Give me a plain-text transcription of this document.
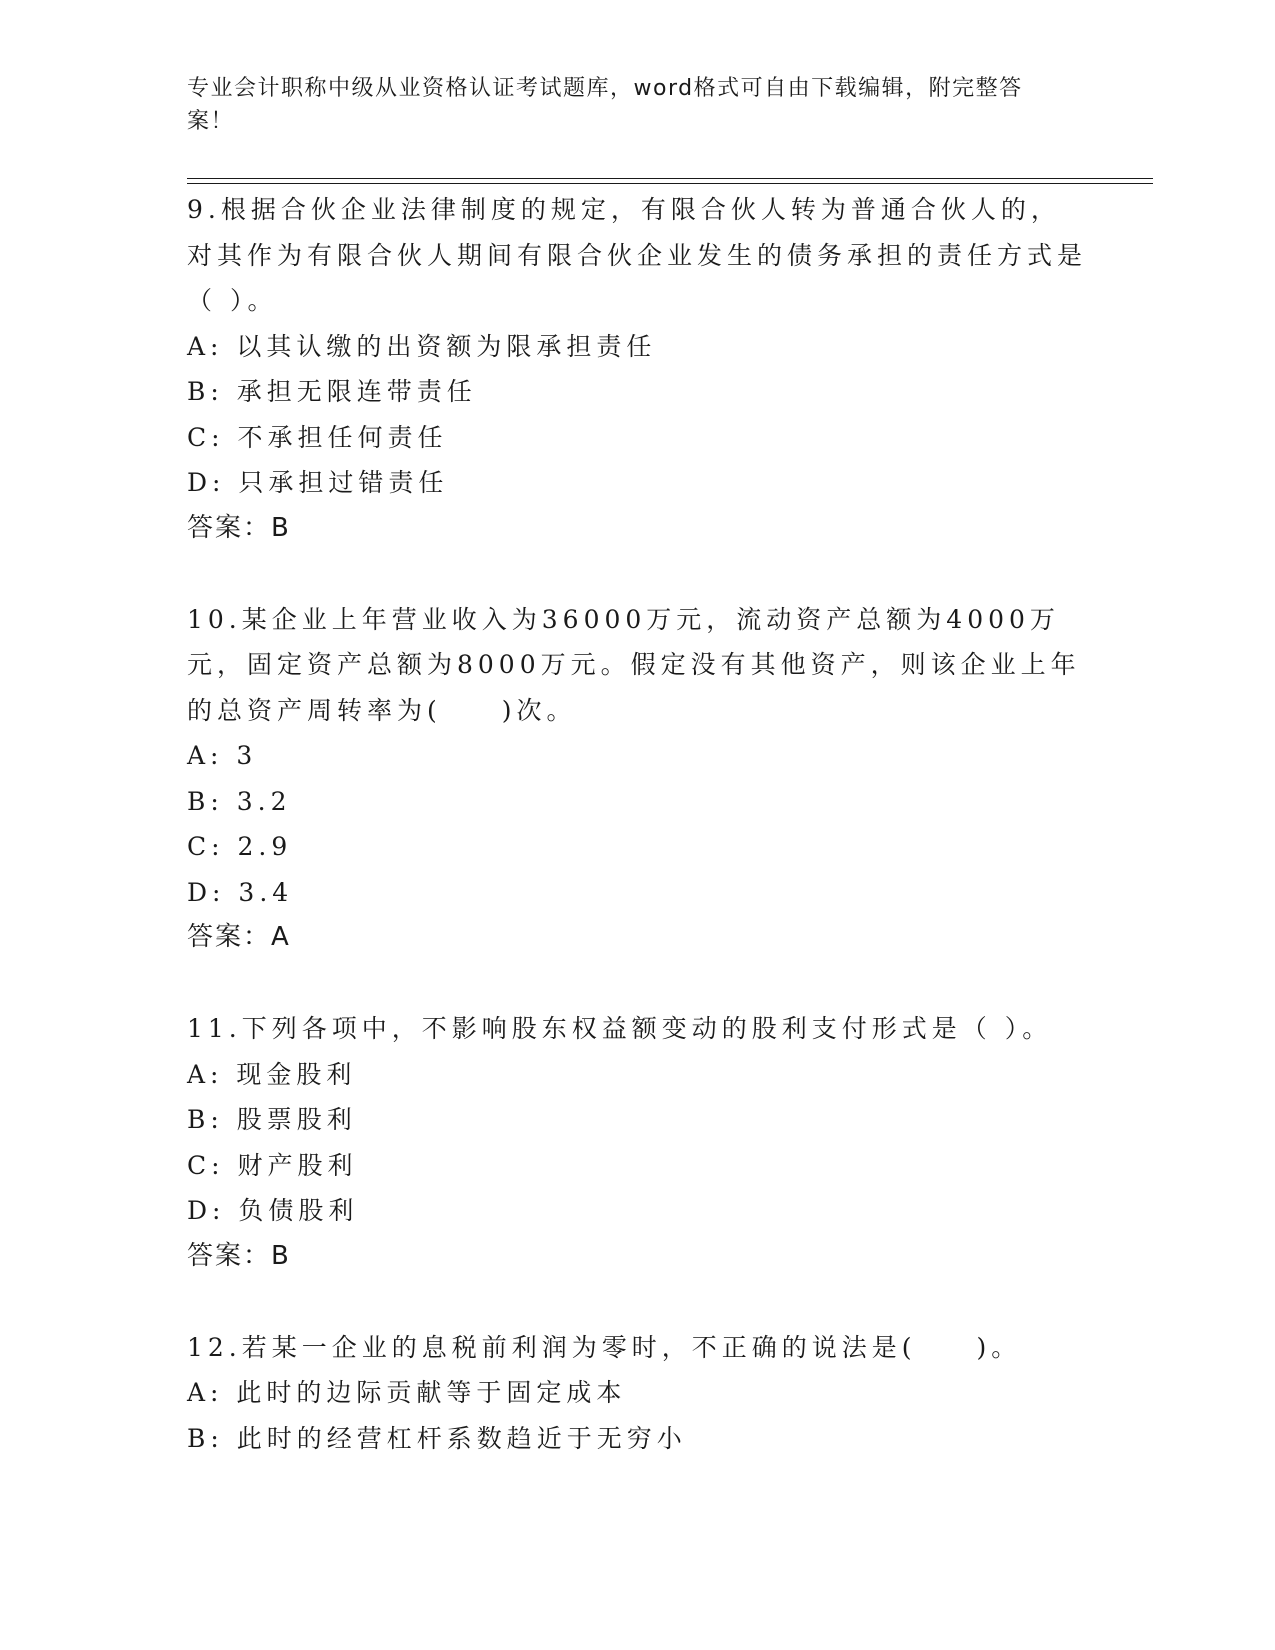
专业会计职称中级从业资格认证考试题库，word格式可自由下载编辑，附完整答案！

9.根据合伙企业法律制度的规定，有限合伙人转为普通合伙人的，对其作为有限合伙人期间有限合伙企业发生的债务承担的责任方式是（ ）。

A: 以其认缴的出资额为限承担责任

B: 承担无限连带责任

C: 不承担任何责任

D: 只承担过错责任

答案：B

10.某企业上年营业收入为36000万元，流动资产总额为4000万元，固定资产总额为8000万元。假定没有其他资产，则该企业上年的总资产周转率为(　　)次。

A: 3

B: 3.2

C: 2.9

D: 3.4

答案：A

11.下列各项中，不影响股东权益额变动的股利支付形式是（ ）。

A: 现金股利

B: 股票股利

C: 财产股利

D: 负债股利

答案：B

12.若某一企业的息税前利润为零时，不正确的说法是(　　)。

A: 此时的边际贡献等于固定成本

B: 此时的经营杠杆系数趋近于无穷小
